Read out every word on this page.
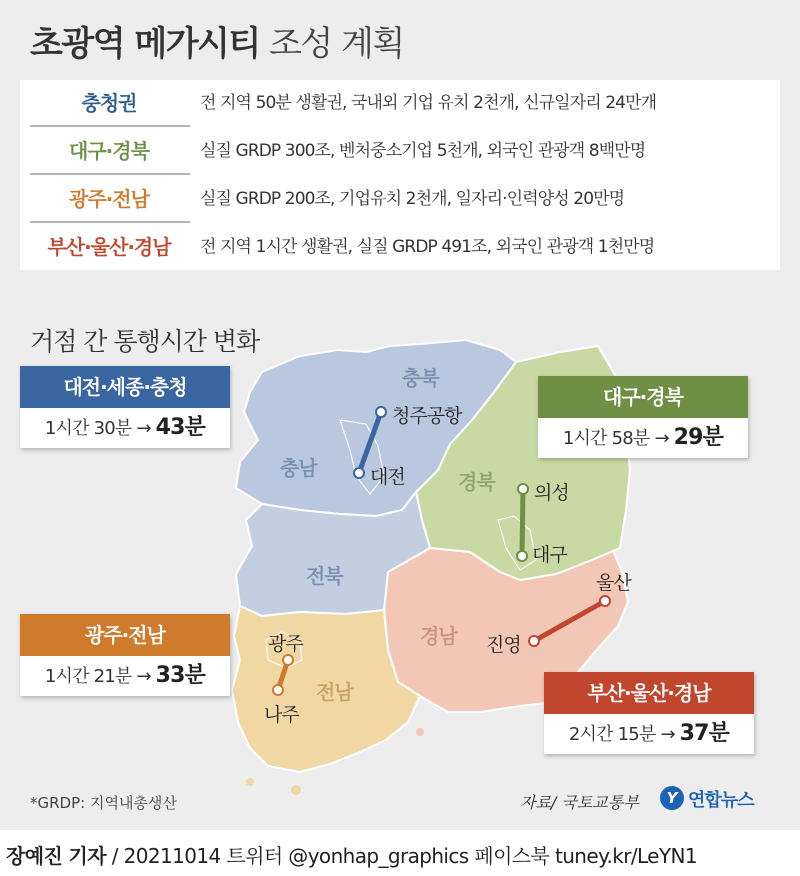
초광역 메가시티 조성 계획
충청권	전 지역 50분 생활권, 국내외 기업 유치 2천개, 신규일자리 24만개
대구·경북	실질 GRDP 300조, 벤처중소기업 5천개, 외국인 관광객 8백만명
광주·전남	실질 GRDP 200조, 기업유치 2천개, 일자리·인력양성 20만명
부산·울산·경남	전 지역 1시간 생활권, 실질 GRDP 491조, 외국인 관광객 1천만명
거점 간 통행시간 변화
충북
충남
경북
전북
경남
전남
청주공항
대전
의성
대구
울산
진영
광주
나주
대전·세종·충청
1시간 30분 → 43분
대구·경북
1시간 58분 → 29분
광주·전남
1시간 21분 → 33분
부산·울산·경남
2시간 15분 → 37분
*GRDP: 지역내총생산	자료/ 국토교통부	Y 연합뉴스
장예진 기자 / 20211014 트위터 @yonhap_graphics 페이스북 tuney.kr/LeYN1
